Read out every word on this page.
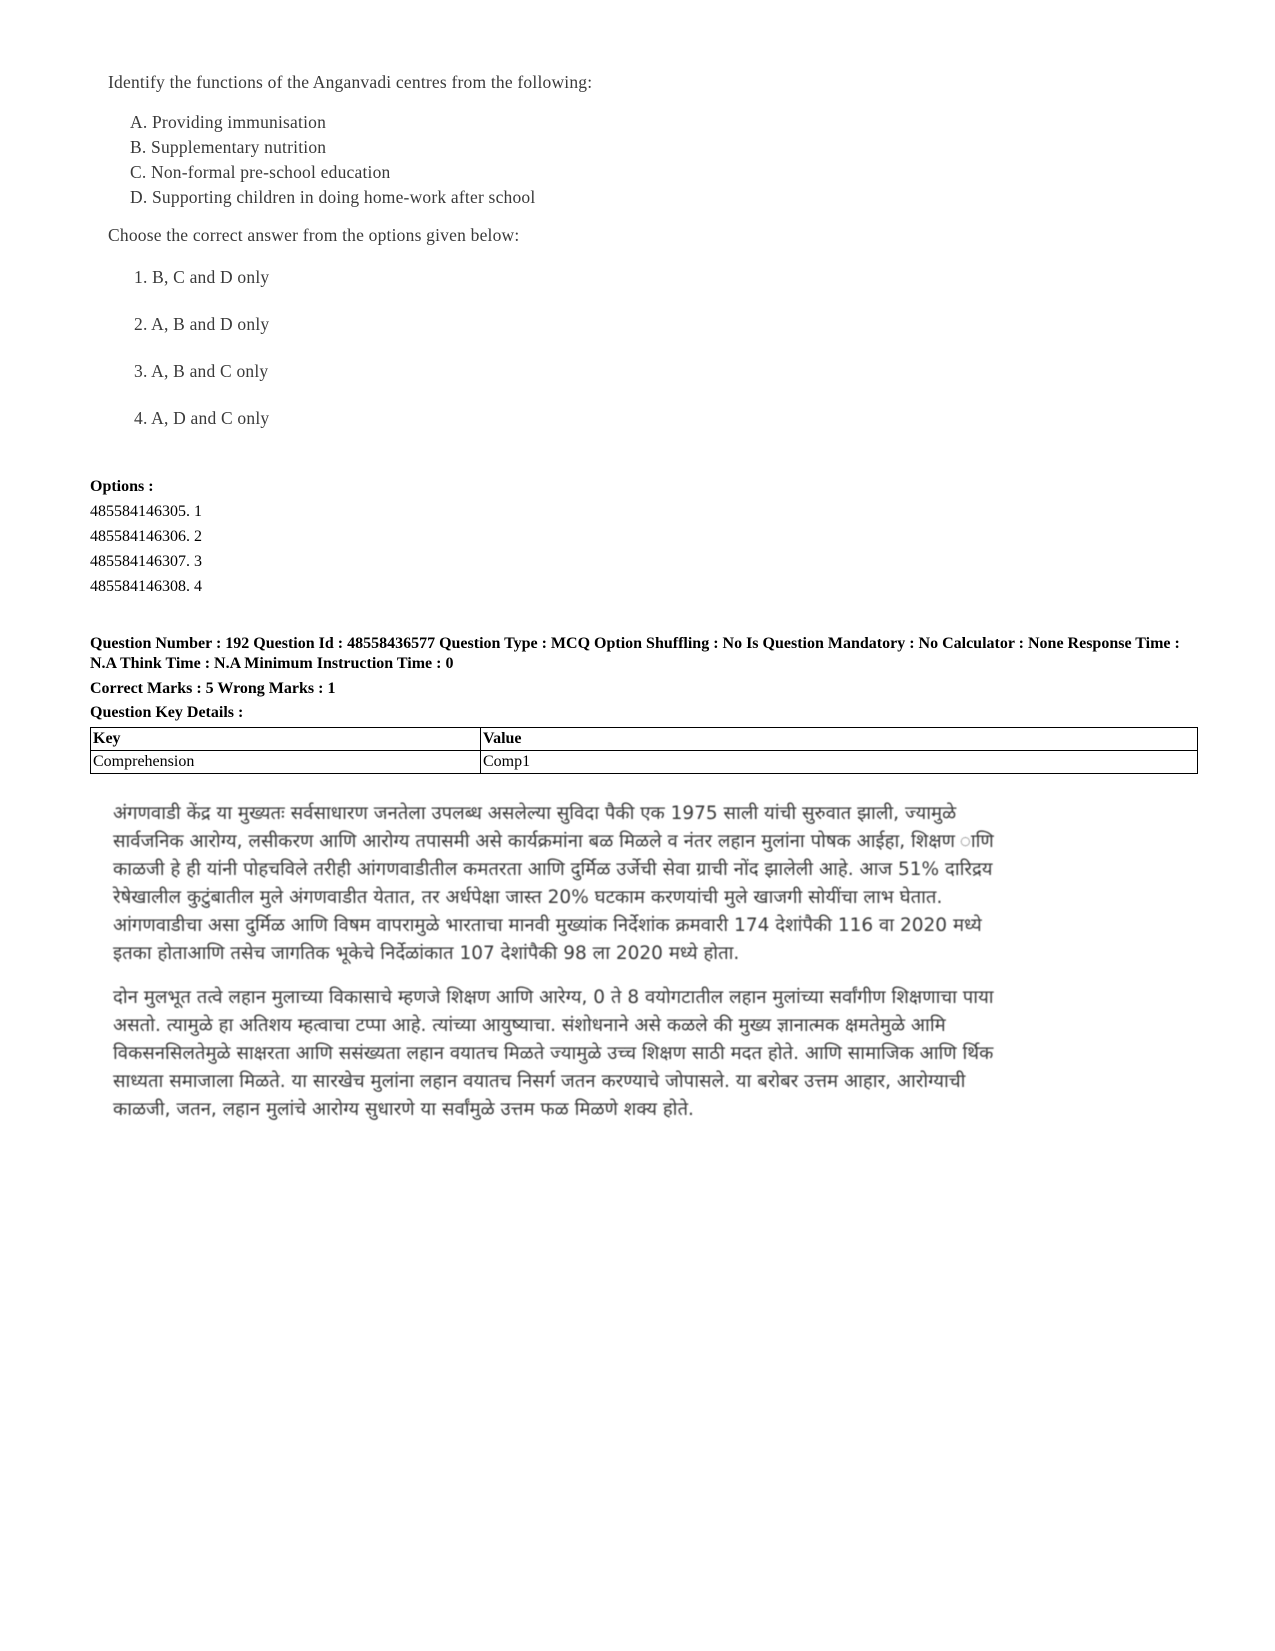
Identify the functions of the Anganvadi centres from the following:

A. Providing immunisation

B. Supplementary nutrition

C. Non-formal pre-school education

D. Supporting children in doing home-work after school

Choose the correct answer from the options given below:

1. B, C and D only

2. A, B and D only

3. A, B and C only

4. A, D and C only

Options :
485584146305. 1
485584146306. 2
485584146307. 3
485584146308. 4

Question Number : 192 Question Id : 48558436577 Question Type : MCQ Option Shuffling : No Is Question Mandatory : No Calculator : None Response Time : N.A Think Time : N.A Minimum Instruction Time : 0

Correct Marks : 5 Wrong Marks : 1

Question Key Details :

Key	Value
Comprehension	Comp1

अंगणवाडी केंद्र या मुख्यतः सर्वसाधारण जनतेला उपलब्ध असलेल्या सुविदा पैकी एक 1975 साली यांची सुरुवात झाली, ज्यामुळे सार्वजनिक आरोग्य, लसीकरण आणि आरोग्य तपासमी असे कार्यक्रमांना बळ मिळले व नंतर लहान मुलांना पोषक आईहा, शिक्षण ाणि काळजी हे ही यांनी पोहचविले तरीही आंगणवाडीतील कमतरता आणि दुर्मिळ उर्जेची सेवा ग्राची नोंद झालेली आहे. आज 51% दारिद्रय रेषेखालील कुटुंबातील मुले अंगणवाडीत येतात, तर अर्धपेक्षा जास्त 20% घटकाम करणयांची मुले खाजगी सोयींचा लाभ घेतात. आंगणवाडीचा असा दुर्मिळ आणि विषम वापरामुळे भारताचा मानवी मुख्यांक निर्देशांक क्रमवारी 174 देशांपैकी 116 वा 2020 मध्ये इतका होताआणि तसेच जागतिक भूकेचे निर्देळांकात 107 देशांपैकी 98 ला 2020 मध्ये होता.

दोन मुलभूत तत्वे लहान मुलाच्या विकासाचे म्हणजे शिक्षण आणि आरेग्य, 0 ते 8 वयोगटातील लहान मुलांच्या सर्वांगीण शिक्षणाचा पाया असतो. त्यामुळे हा अतिशय म्हत्वाचा टप्पा आहे. त्यांच्या आयुष्याचा. संशोधनाने असे कळले की मुख्य ज्ञानात्मक क्षमतेमुळे आमि विकसनसिलतेमुळे साक्षरता आणि ससंख्यता लहान वयातच मिळते ज्यामुळे उच्च शिक्षण साठी मदत होते. आणि सामाजिक आणि र्थिक साध्यता समाजाला मिळते. या सारखेच मुलांना लहान वयातच निसर्ग जतन करण्याचे जोपासले. या बरोबर उत्तम आहार, आरोग्याची काळजी, जतन, लहान मुलांचे आरोग्य सुधारणे या सर्वांमुळे उत्तम फळ मिळणे शक्य होते.
